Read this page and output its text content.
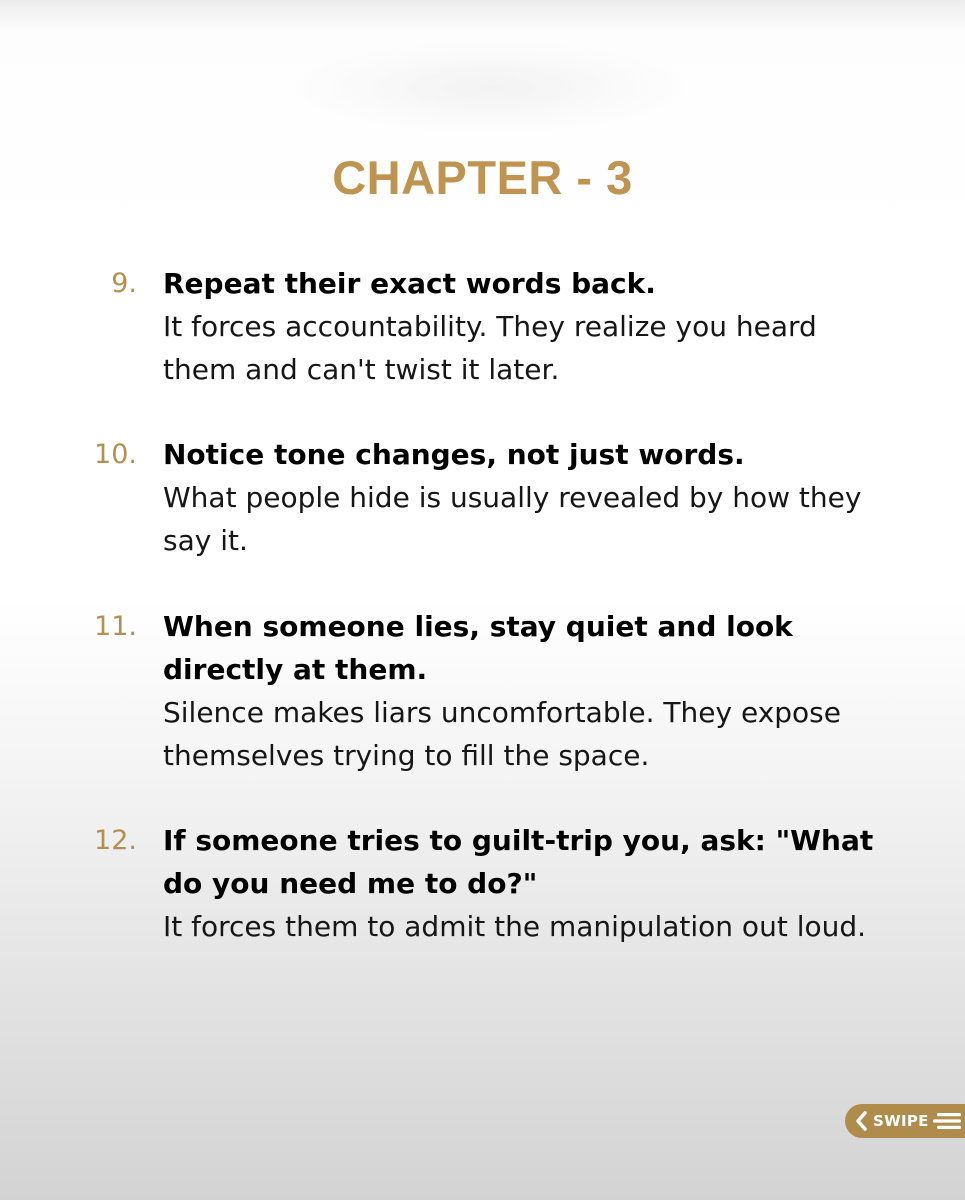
CHAPTER - 3
9. Repeat their exact words back.
It forces accountability. They realize you heard them and can't twist it later.
10. Notice tone changes, not just words.
What people hide is usually revealed by how they say it.
11. When someone lies, stay quiet and look directly at them.
Silence makes liars uncomfortable. They expose themselves trying to fill the space.
12. If someone tries to guilt-trip you, ask: "What do you need me to do?"
It forces them to admit the manipulation out loud.
SWIPE
